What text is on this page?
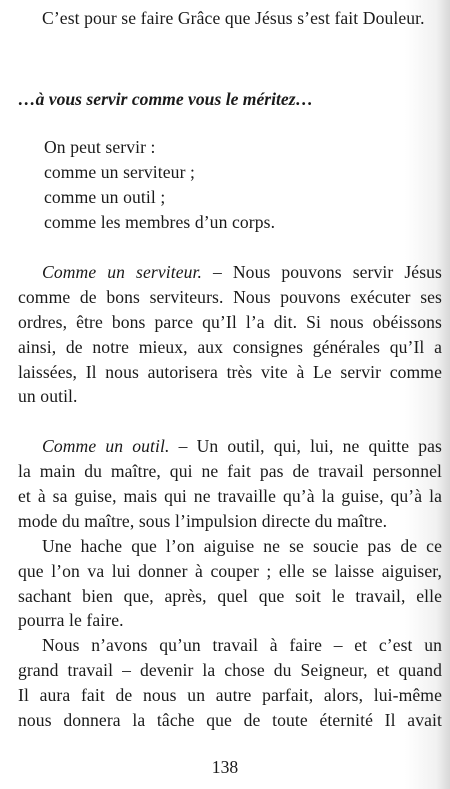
C’est pour se faire Grâce que Jésus s’est fait Douleur.
…à vous servir comme vous le méritez…
On peut servir :
comme un serviteur ;
comme un outil ;
comme les membres d’un corps.
Comme un serviteur. – Nous pouvons servir Jésus
comme de bons serviteurs. Nous pouvons exécuter ses
ordres, être bons parce qu’Il l’a dit. Si nous obéissons
ainsi, de notre mieux, aux consignes générales qu’Il a
laissées, Il nous autorisera très vite à Le servir comme
un outil.
Comme un outil. – Un outil, qui, lui, ne quitte pas
la main du maître, qui ne fait pas de travail personnel
et à sa guise, mais qui ne travaille qu’à la guise, qu’à la
mode du maître, sous l’impulsion directe du maître.
Une hache que l’on aiguise ne se soucie pas de ce
que l’on va lui donner à couper ; elle se laisse aiguiser,
sachant bien que, après, quel que soit le travail, elle
pourra le faire.
Nous n’avons qu’un travail à faire – et c’est un
grand travail – devenir la chose du Seigneur, et quand
Il aura fait de nous un autre parfait, alors, lui-même
nous donnera la tâche que de toute éternité Il avait
138
